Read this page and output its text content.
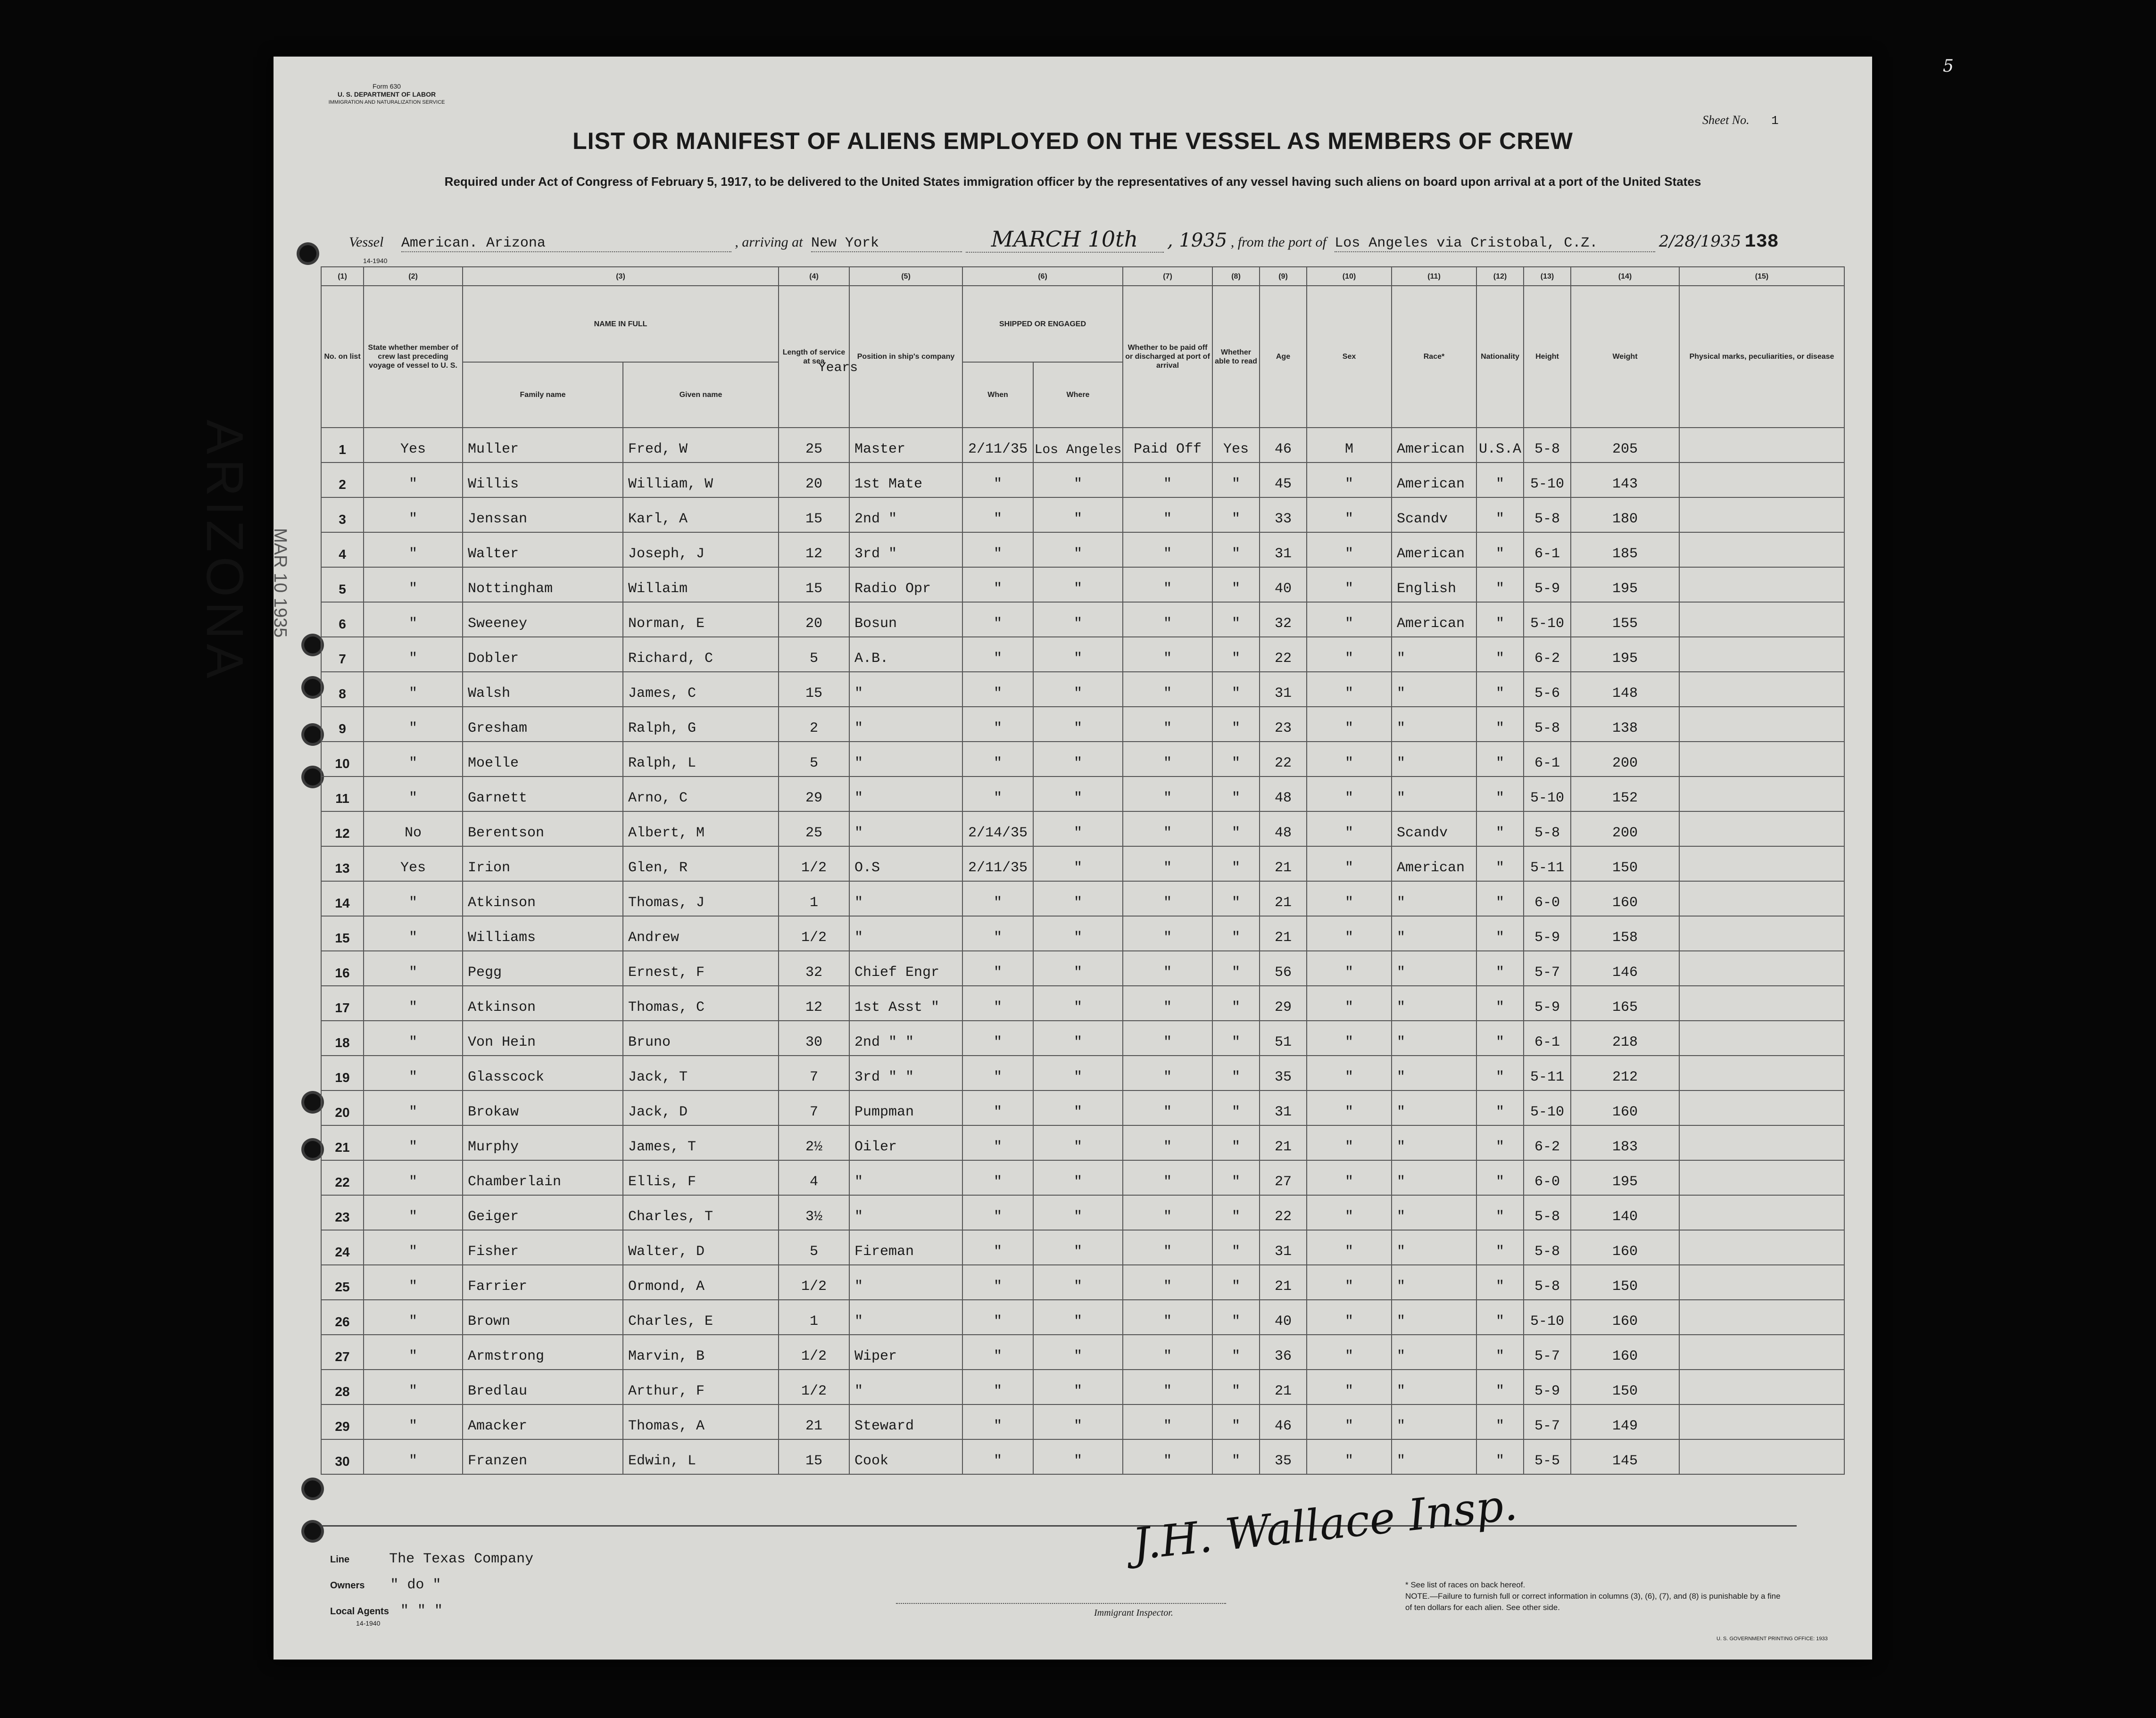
ARIZONA MAR 10 1935
Form 630
U. S. DEPARTMENT OF LABOR
IMMIGRATION AND NATURALIZATION SERVICE
Sheet No. 1
5
LIST OR MANIFEST OF ALIENS EMPLOYED ON THE VESSEL AS MEMBERS OF CREW
Required under Act of Congress of February 5, 1917, to be delivered to the United States immigration officer by the representatives of any vessel having such aliens on board upon arrival at a port of the United States
Vessel American. Arizona	, arriving at New York	MARCH 10th , 1935 , from the port of Los Angeles via Cristobal, C.Z.	2/28/1935 138
14-1940
(1)	(2)	(3)		(4)	(5)	(6)		(7)	(8)	(9)	(10)	(11)	(12)	(13)	(14)	(15)	
No. on list	State whether member of crew last preceding voyage of vessel to U. S.	NAME IN FULL		Length of service at sea	Position in ship's company	SHIPPED OR ENGAGED		Whether to be paid off or discharged at port of arrival	Whether able to read	Age	Sex	Race*	Nationality	Height	Weight	Physical marks, peculiarities, or disease	

		Family name	Given name			When	Where										
1	Yes	Muller	Fred, W	25	Master	2/11/35	Los Angeles	Paid Off	Yes	46	M	American	U.S.A	5-8	205		
2	"	Willis	William, W	20	1st Mate	"	"	"	"	45	"	American	"	5-10	143		
3	"	Jenssan	Karl, A	15	2nd "	"	"	"	"	33	"	Scandv	"	5-8	180		
4	"	Walter	Joseph, J	12	3rd "	"	"	"	"	31	"	American	"	6-1	185		
5	"	Nottingham	Willaim	15	Radio Opr	"	"	"	"	40	"	English	"	5-9	195		
6	"	Sweeney	Norman, E	20	Bosun	"	"	"	"	32	"	American	"	5-10	155		
7	"	Dobler	Richard, C	5	A.B.	"	"	"	"	22	"	"	"	6-2	195		
8	"	Walsh	James, C	15	"	"	"	"	"	31	"	"	"	5-6	148		
9	"	Gresham	Ralph, G	2	"	"	"	"	"	23	"	"	"	5-8	138		
10	"	Moelle	Ralph, L	5	"	"	"	"	"	22	"	"	"	6-1	200		
11	"	Garnett	Arno, C	29	"	"	"	"	"	48	"	"	"	5-10	152		
12	No	Berentson	Albert, M	25	"	2/14/35	"	"	"	48	"	Scandv	"	5-8	200		
13	Yes	Irion	Glen, R	1/2	O.S	2/11/35	"	"	"	21	"	American	"	5-11	150		
14	"	Atkinson	Thomas, J	1	"	"	"	"	"	21	"	"	"	6-0	160		
15	"	Williams	Andrew	1/2	"	"	"	"	"	21	"	"	"	5-9	158		
16	"	Pegg	Ernest, F	32	Chief Engr	"	"	"	"	56	"	"	"	5-7	146		
17	"	Atkinson	Thomas, C	12	1st Asst "	"	"	"	"	29	"	"	"	5-9	165		
18	"	Von Hein	Bruno	30	2nd " "	"	"	"	"	51	"	"	"	6-1	218		
19	"	Glasscock	Jack, T	7	3rd " "	"	"	"	"	35	"	"	"	5-11	212		
20	"	Brokaw	Jack, D	7	Pumpman	"	"	"	"	31	"	"	"	5-10	160		
21	"	Murphy	James, T	2½	Oiler	"	"	"	"	21	"	"	"	6-2	183		
22	"	Chamberlain	Ellis, F	4	"	"	"	"	"	27	"	"	"	6-0	195		
23	"	Geiger	Charles, T	3½	"	"	"	"	"	22	"	"	"	5-8	140		
24	"	Fisher	Walter, D	5	Fireman	"	"	"	"	31	"	"	"	5-8	160		
25	"	Farrier	Ormond, A	1/2	"	"	"	"	"	21	"	"	"	5-8	150		
26	"	Brown	Charles, E	1	"	"	"	"	"	40	"	"	"	5-10	160		
27	"	Armstrong	Marvin, B	1/2	Wiper	"	"	"	"	36	"	"	"	5-7	160		
28	"	Bredlau	Arthur, F	1/2	"	"	"	"	"	21	"	"	"	5-9	150		
29	"	Amacker	Thomas, A	21	Steward	"	"	"	"	46	"	"	"	5-7	149		
30	"	Franzen	Edwin, L	15	Cook	"	"	"	"	35	"	"	"	5-5	145		
Years
Line	The Texas Company
Owners " do "
Local Agents " " "
14-1940
J.H. Wallace Insp.
Immigrant Inspector.
* See list of races on back hereof.
NOTE.—Failure to furnish full or correct information in columns (3), (6), (7), and (8) is punishable by a fine of ten dollars for each alien. See other side.
U. S. GOVERNMENT PRINTING OFFICE: 1933
